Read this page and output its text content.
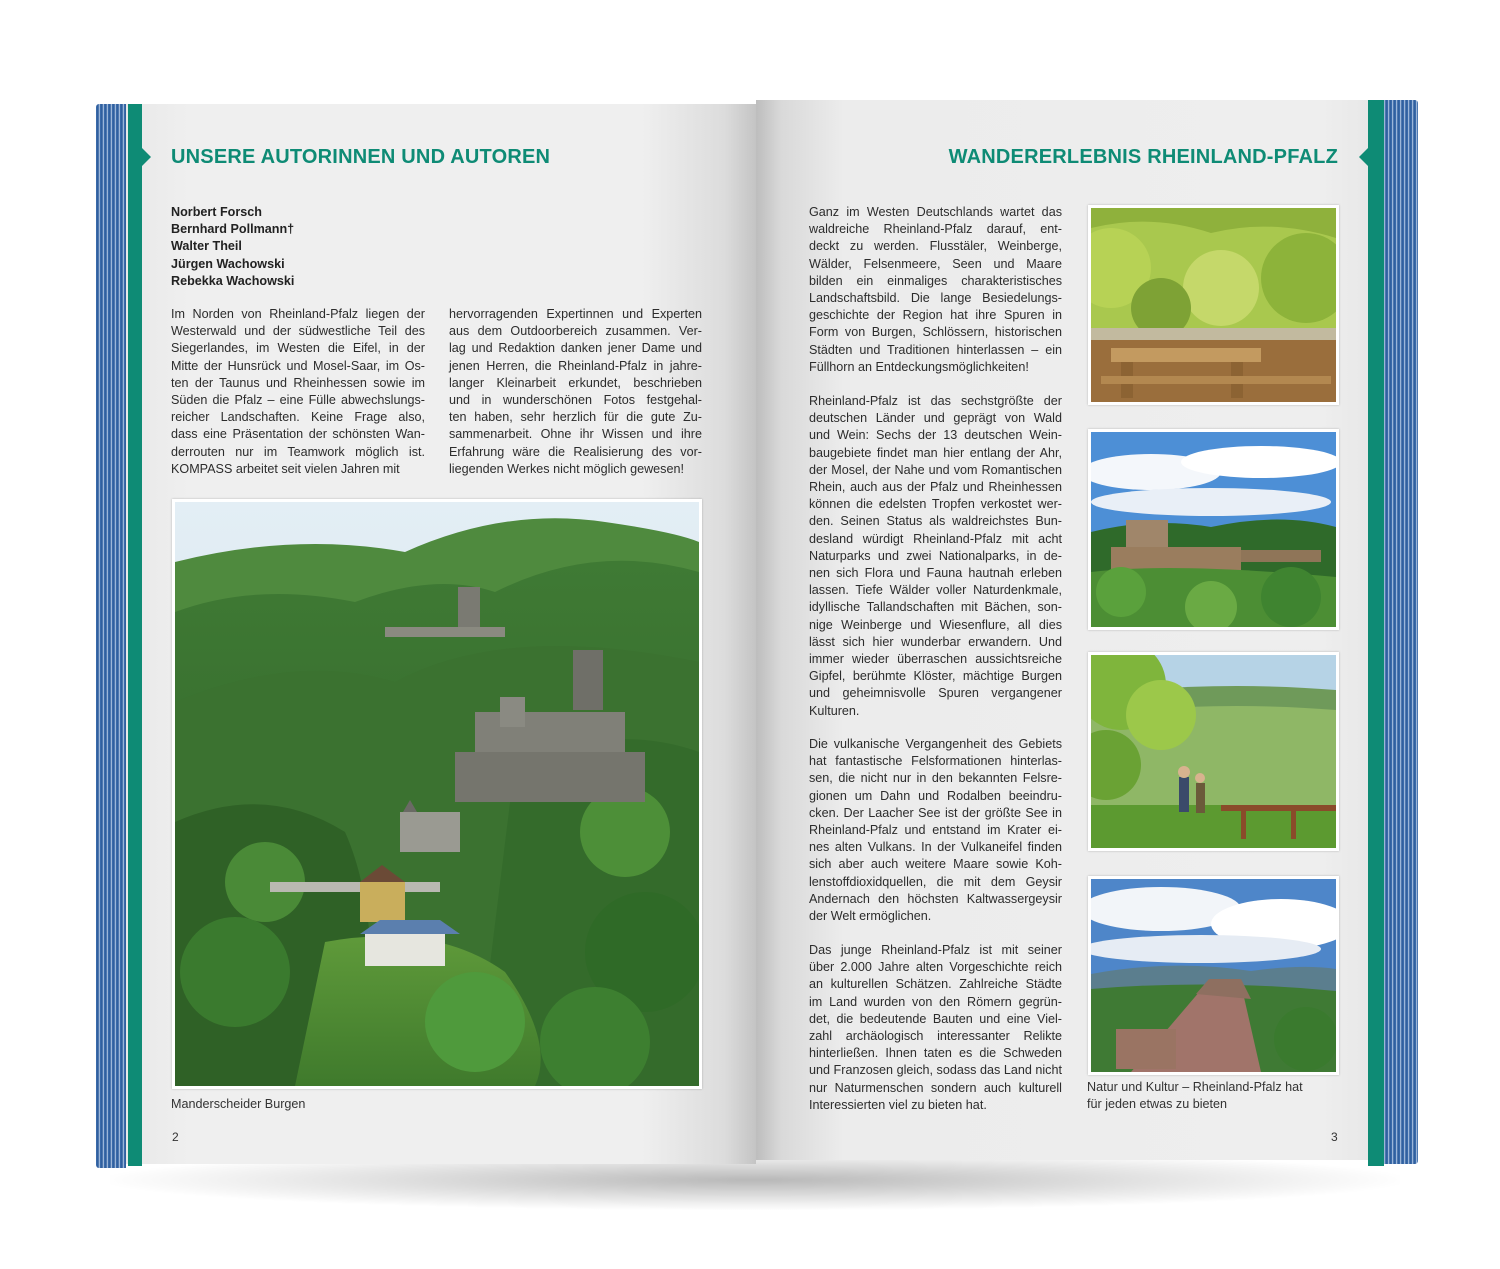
UNSERE AUTORINNEN UND AUTOREN
Norbert Forsch
Bernhard Pollmann†
Walter Theil
Jürgen Wachowski
Rebekka Wachowski
Im Norden von Rheinland-Pfalz liegen der
Westerwald und der südwestliche Teil des
Siegerlandes, im Westen die Eifel, in der
Mitte der Hunsrück und Mosel-Saar, im Os-
ten der Taunus und Rheinhessen sowie im
Süden die Pfalz – eine Fülle abwechslungs-
reicher Landschaften. Keine Frage also,
dass eine Präsentation der schönsten Wan-
derrouten nur im Teamwork möglich ist.
KOMPASS arbeitet seit vielen Jahren mit
hervorragenden Expertinnen und Experten
aus dem Outdoorbereich zusammen. Ver-
lag und Redaktion danken jener Dame und
jenen Herren, die Rheinland-Pfalz in jahre-
langer Kleinarbeit erkundet, beschrieben
und in wunderschönen Fotos festgehal-
ten haben, sehr herzlich für die gute Zu-
sammenarbeit. Ohne ihr Wissen und ihre
Erfahrung wäre die Realisierung des vor-
liegenden Werkes nicht möglich gewesen!

Manderscheider Burgen

2
WANDERERLEBNIS RHEINLAND-PFALZ
Ganz im Westen Deutschlands wartet das
waldreiche Rheinland-Pfalz darauf, ent-
deckt zu werden. Flusstäler, Weinberge,
Wälder, Felsenmeere, Seen und Maare
bilden ein einmaliges charakteristisches
Landschaftsbild. Die lange Besiedelungs-
geschichte der Region hat ihre Spuren in
Form von Burgen, Schlössern, historischen
Städten und Traditionen hinterlassen – ein
Füllhorn an Entdeckungsmöglichkeiten!
Rheinland-Pfalz ist das sechstgrößte der
deutschen Länder und geprägt von Wald
und Wein: Sechs der 13 deutschen Wein-
baugebiete findet man hier entlang der Ahr,
der Mosel, der Nahe und vom Romantischen
Rhein, auch aus der Pfalz und Rheinhessen
können die edelsten Tropfen verkostet wer-
den. Seinen Status als waldreichstes Bun-
desland würdigt Rheinland-Pfalz mit acht
Naturparks und zwei Nationalparks, in de-
nen sich Flora und Fauna hautnah erleben
lassen. Tiefe Wälder voller Naturdenkmale,
idyllische Tallandschaften mit Bächen, son-
nige Weinberge und Wiesenflure, all dies
lässt sich hier wunderbar erwandern. Und
immer wieder überraschen aussichtsreiche
Gipfel, berühmte Klöster, mächtige Burgen
und geheimnisvolle Spuren vergangener
Kulturen.
Die vulkanische Vergangenheit des Gebiets
hat fantastische Felsformationen hinterlas-
sen, die nicht nur in den bekannten Felsre-
gionen um Dahn und Rodalben beeindru-
cken. Der Laacher See ist der größte See in
Rheinland-Pfalz und entstand im Krater ei-
nes alten Vulkans. In der Vulkaneifel finden
sich aber auch weitere Maare sowie Koh-
lenstoffdioxidquellen, die mit dem Geysir
Andernach den höchsten Kaltwassergeysir
der Welt ermöglichen.
Das junge Rheinland-Pfalz ist mit seiner
über 2.000 Jahre alten Vorgeschichte reich
an kulturellen Schätzen. Zahlreiche Städte
im Land wurden von den Römern gegrün-
det, die bedeutende Bauten und eine Viel-
zahl archäologisch interessanter Relikte
hinterließen. Ihnen taten es die Schweden
und Franzosen gleich, sodass das Land nicht
nur Naturmenschen sondern auch kulturell
Interessierten viel zu bieten hat.
Natur und Kultur – Rheinland-Pfalz hat
für jeden etwas zu bieten
3
